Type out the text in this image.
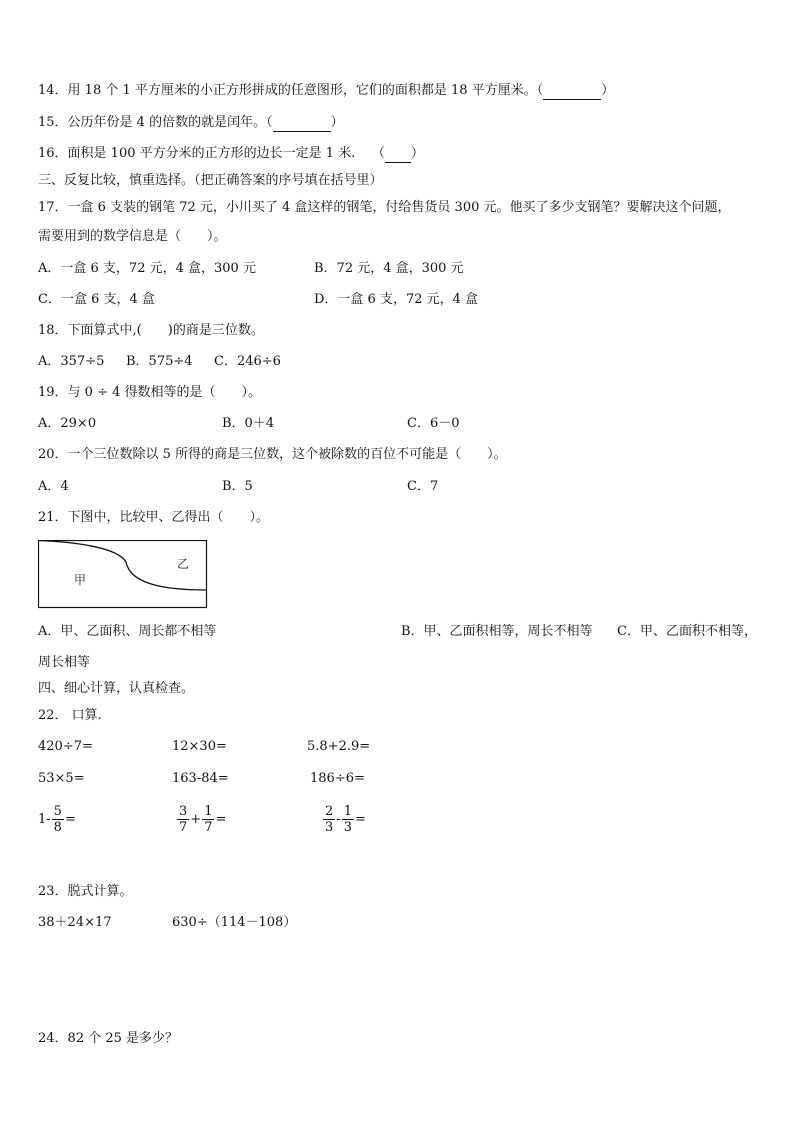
14．用 18 个 1 平方厘米的小正方形拼成的任意图形，它们的面积都是 18 平方厘米。（	）
15．公历年份是 4 的倍数的就是闰年。（	）
16．面积是 100 平方分米的正方形的边长一定是 1 米. （ ）
三、反复比较，慎重选择。（把正确答案的序号填在括号里）
17．一盒 6 支装的钢笔 72 元，小川买了 4 盒这样的钢笔，付给售货员 300 元。他买了多少支钢笔？要解决这个问题，
需要用到的数学信息是（　　）。
A．一盒 6 支，72 元，4 盒，300 元	B．72 元，4 盒，300 元
C．一盒 6 支，4 盒	D．一盒 6 支，72 元，4 盒
18．下面算式中,(　　)的商是三位数。
A．357÷5 B．575÷4 C．246÷6
19．与 0 ÷ 4 得数相等的是（　　）。
A．29×0	B．0＋4	C．6－0
20．一个三位数除以 5 所得的商是三位数，这个被除数的百位不可能是（　　）。
A．4	B．5	C．7
21．下图中，比较甲、乙得出（　　）。
甲
乙
A．甲、乙面积、周长都不相等	B．甲、乙面积相等，周长不相等 C．甲、乙面积不相等，
周长相等
四、细心计算，认真检查。
22． 口算.
420÷7=	12×30=	5.8+2.9=
53×5=	163-84=	186÷6=
$1- \frac{5}{8}$ =	$\frac{3}{7} + \frac{1}{7}$ =	$\frac{2}{3} - \frac{1}{3}$ =
23．脱式计算。
38＋24×17	630÷（114－108）
24．82 个 25 是多少？
